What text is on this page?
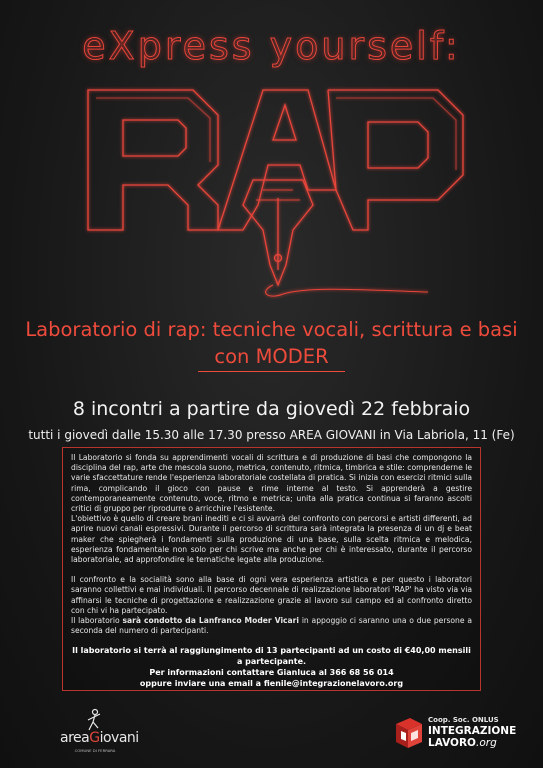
eXpress yourself:
Laboratorio di rap: tecniche vocali, scrittura e basi
con MODER
8 incontri a partire da giovedì 22 febbraio
tutti i giovedì dalle 15.30 alle 17.30 presso AREA GIOVANI in Via Labriola, 11 (Fe)

Il Laboratorio si fonda su apprendimenti vocali di scrittura e di produzione di basi che compongono la disciplina del rap, arte che mescola suono, metrica, contenuto, ritmica, timbrica e stile: comprenderne le varie sfaccettature rende l'esperienza laboratoriale costellata di pratica. Si inizia con esercizi ritmici sulla rima, complicando il gioco con pause e rime interne al testo. Si apprenderà a gestire contemporaneamente contenuto, voce, ritmo e metrica; unita alla pratica continua si faranno ascolti critici di gruppo per riprodurre o arricchire l'esistente.

L'obiettivo è quello di creare brani inediti e ci si avvarrà del confronto con percorsi e artisti differenti, ad aprire nuovi canali espressivi. Durante il percorso di scrittura sarà integrata la presenza di un dj e beat maker che spiegherà i fondamenti sulla produzione di una base, sulla scelta ritmica e melodica, esperienza fondamentale non solo per chi scrive ma anche per chi è interessato, durante il percorso laboratoriale, ad approfondire le tematiche legate alla produzione.

Il confronto e la socialità sono alla base di ogni vera esperienza artistica e per questo i laboratori saranno collettivi e mai individuali. Il percorso decennale di realizzazione laboratori 'RAP' ha visto via via affinarsi le tecniche di progettazione e realizzazione grazie al lavoro sul campo ed al confronto diretto con chi vi ha partecipato.

Il laboratorio sarà condotto da Lanfranco Moder Vicari in appoggio ci saranno una o due persone a seconda del numero di partecipanti.

Il laboratorio si terrà al raggiungimento di 13 partecipanti ad un costo di €40,00 mensili a partecipante.
Per informazioni contattare Gianluca al 366 68 56 014
oppure inviare una email a fienile@integrazionelavoro.org
areaGiovani
COMUNE DI FERRARA
Coop. Soc. ONLUS
INTEGRAZIONE
LAVORO.org
